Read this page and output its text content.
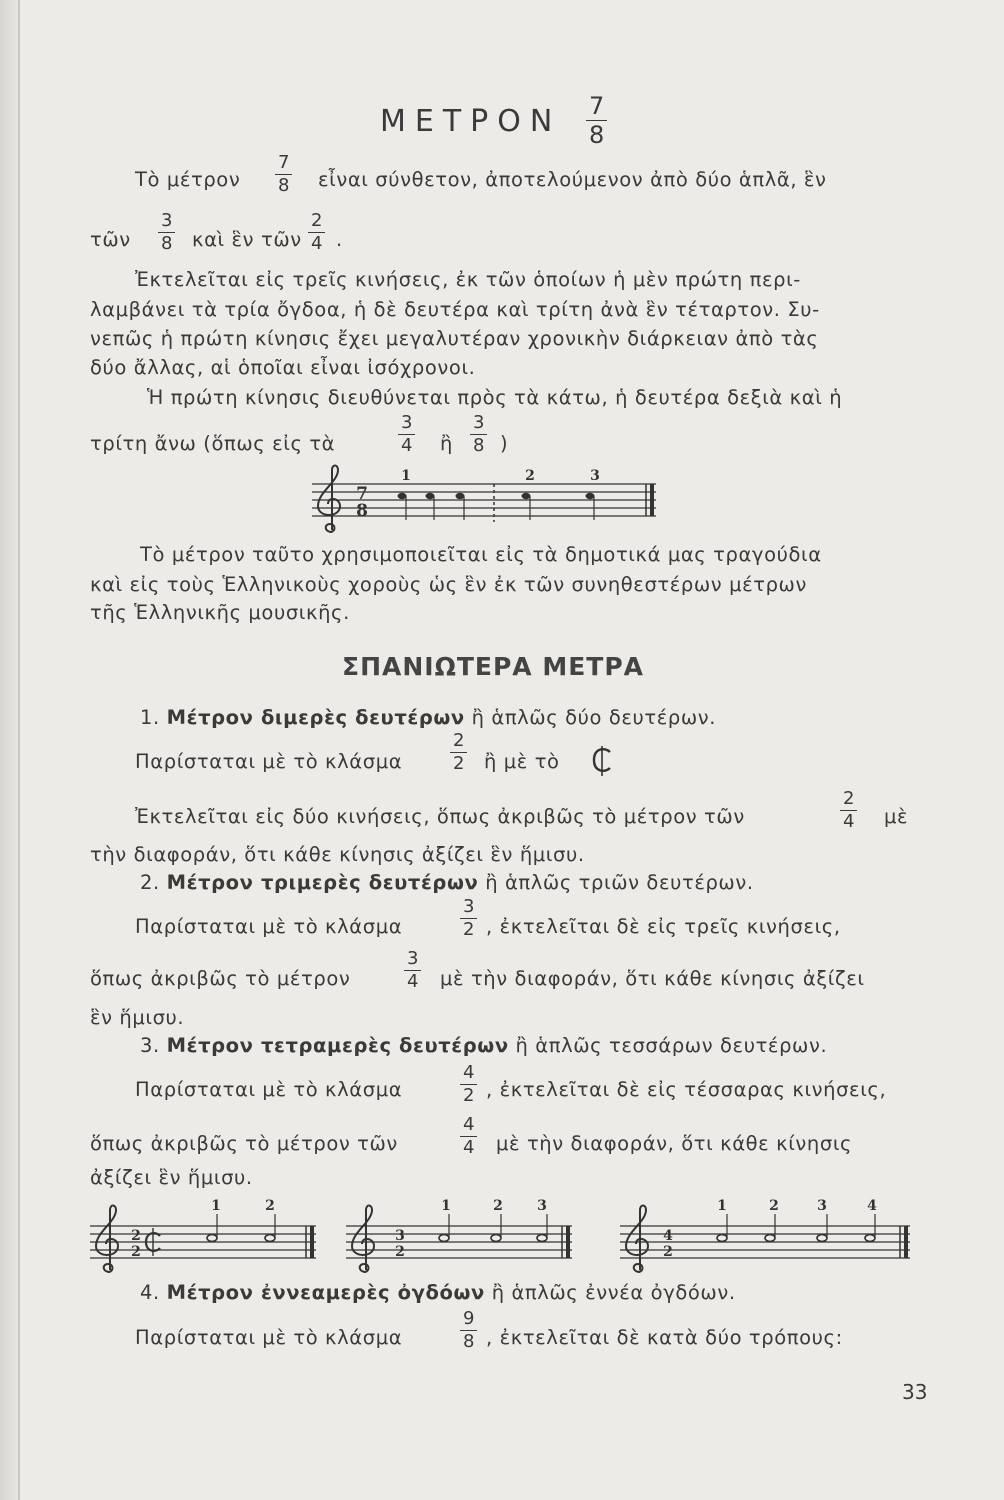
ΜΕΤΡΟΝ 7
8
Τὸ μέτρον
7
8 εἶναι σύνθετον, ἀποτελούμενον ἀπὸ δύο ἁπλᾶ, ἓν
τῶν
3
8 καὶ ἓν τῶν
2
4 .
Ἐκτελεῖται εἰς τρεῖς κινήσεις, ἐκ τῶν ὁποίων ἡ μὲν πρώτη περι-
λαμβάνει τὰ τρία ὄγδοα, ἡ δὲ δευτέρα καὶ τρίτη ἀνὰ ἓν τέταρτον. Συ-
νεπῶς ἡ πρώτη κίνησις ἔχει μεγαλυτέραν χρονικὴν διάρκειαν ἀπὸ τὰς
δύο ἄλλας, αἱ ὁποῖαι εἶναι ἰσόχρονοι.
Ἡ πρώτη κίνησις διευθύνεται πρὸς τὰ κάτω, ἡ δευτέρα δεξιὰ καὶ ἡ
τρίτη ἄνω (ὅπως εἰς τὰ
3
4 ἢ
3
8 )
7
8
1	2	3
Τὸ μέτρον ταῦτο χρησιμοποιεῖται εἰς τὰ δημοτικά μας τραγούδια
καὶ εἰς τοὺς Ἑλληνικοὺς χοροὺς ὡς ἓν ἐκ τῶν συνηθεστέρων μέτρων
τῆς Ἑλληνικῆς μουσικῆς.
ΣΠΑΝΙΩΤΕΡΑ ΜΕΤΡΑ
1. Μέτρον διμερὲς δευτέρων ἢ ἁπλῶς δύο δευτέρων.
Παρίσταται μὲ τὸ κλάσμα
2
2 ἢ μὲ τὸ
Ἐκτελεῖται εἰς δύο κινήσεις, ὅπως ἀκριβῶς τὸ μέτρον τῶν
2
4 μὲ
τὴν διαφοράν, ὅτι κάθε κίνησις ἀξίζει ἓν ἥμισυ.
2. Μέτρον τριμερὲς δευτέρων ἢ ἁπλῶς τριῶν δευτέρων.
Παρίσταται μὲ τὸ κλάσμα
3
2 , ἐκτελεῖται δὲ εἰς τρεῖς κινήσεις,
ὅπως ἀκριβῶς τὸ μέτρον
3
4 μὲ τὴν διαφοράν, ὅτι κάθε κίνησις ἀξίζει
ἓν ἥμισυ.
3. Μέτρον τετραμερὲς δευτέρων ἢ ἁπλῶς τεσσάρων δευτέρων.
Παρίσταται μὲ τὸ κλάσμα
4
2 , ἐκτελεῖται δὲ εἰς τέσσαρας κινήσεις,
ὅπως ἀκριβῶς τὸ μέτρον τῶν
4
4 μὲ τὴν διαφοράν, ὅτι κάθε κίνησις
ἀξίζει ἓν ἥμισυ.
2
2
1	2
3
2
1	2 3
4
2
1	2	3	4
4. Μέτρον ἐννεαμερὲς ὀγδόων ἢ ἁπλῶς ἐννέα ὀγδόων.
Παρίσταται μὲ τὸ κλάσμα
9
8 , ἐκτελεῖται δὲ κατὰ δύο τρόπους:
33
